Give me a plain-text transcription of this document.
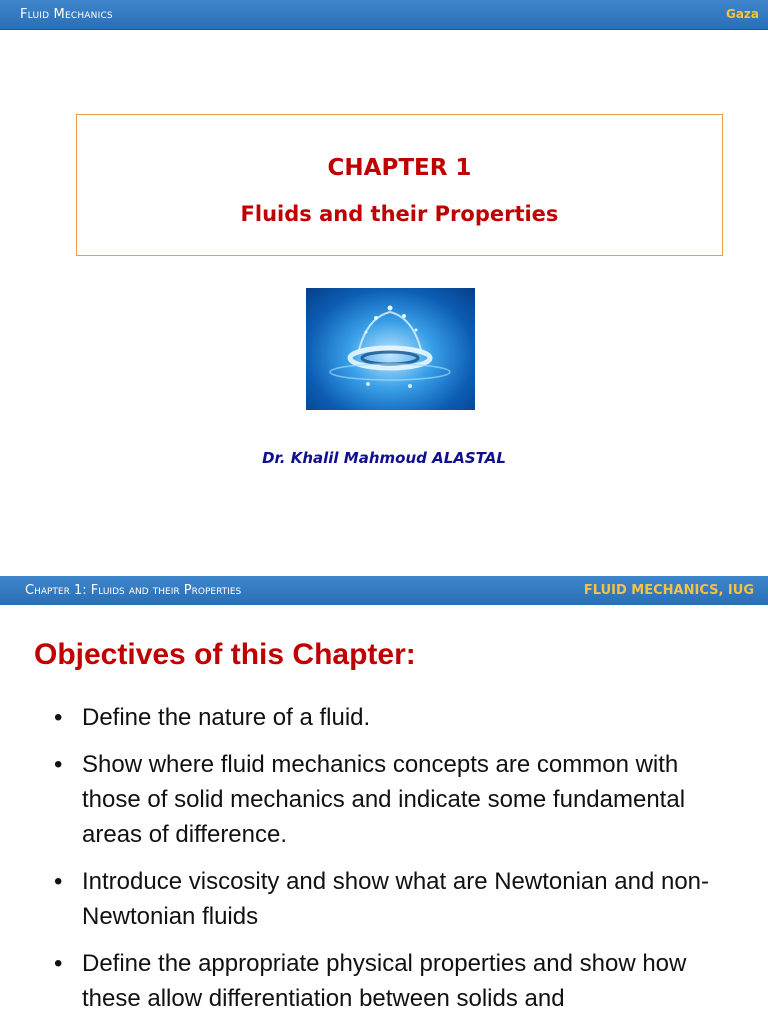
Fluid Mechanics	Gaza
CHAPTER 1
Fluids and their Properties
Dr. Khalil Mahmoud ALASTAL
Chapter 1: Fluids and their Properties	FLUID MECHANICS, IUG
Objectives of this Chapter:
• Define the nature of a fluid.
• Show where fluid mechanics concepts are common with those of solid mechanics and indicate some fundamental areas of difference.
• Introduce viscosity and show what are Newtonian and non-Newtonian fluids
• Define the appropriate physical properties and show how these allow differentiation between solids and
